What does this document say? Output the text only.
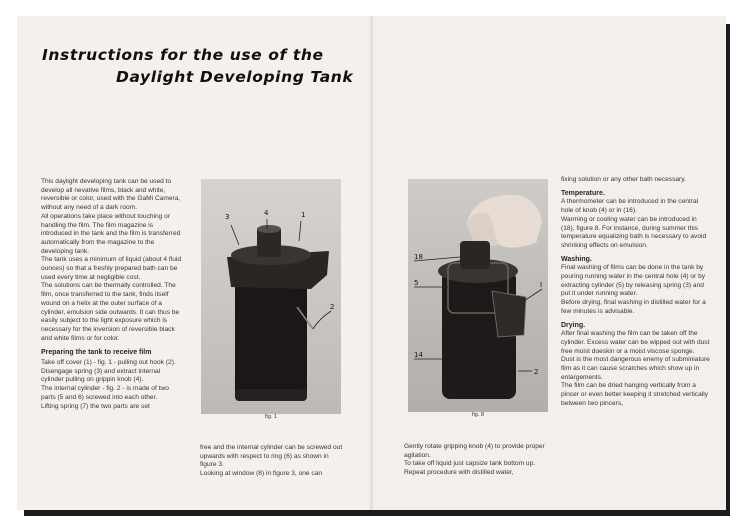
Instructions for the use of the
Daylight Developing Tank

This daylight developing tank can be used to develop all nevative films, black and white, reversible or color, used with the GaMi Camera, without any need of a dark room.

All operations take place without touching or handling the film. The film magazine is introduced in the tank and the film is transferred automatically from the magazine to the developing tank.

The tank uses a minimum of liquid (about 4 fluid ounces) so that a freshly prepared bath can be used every time at negligible cost.

The solutions can be thermally controlled. The film, once transferred to the tank, finds itself wound on a helix at the outer surface of a cylinder, emulsion side outwards. It can thus be easily subject to the light exposure which is necessary for the inversion of reversible black and white films or for color.

Preparing the tank to receive film

Take off cover (1) - fig. 1 - pulling out hook (2).

Disengage spring (3) and extract internal cylinder pulling on grippin knob (4).

The internal cylinder - fig. 2 - is made of two parts (5 and 6) screwed into each other.

Lifting spring (7) the two parts are set

3	4	1
2
fig. 1

free and the internal cylinder can be screwed out upwards with respect to ring (6) as shown in figure 3.

Looking at window (8) in figure 3, one can

18
5	I
14
2
fig. 8

Gently rotate gripping knob (4) to provide proper agitation.

To take off liquid just capsize tank bottom up. Repeat procedure with distilled water,

fixing solution or any other bath necessary.

Temperature.

A thermometer can be introduced in the central hole of knob (4) or in (16).

Warming or cooling water can be introduced in (18), figure 8. For instance, during summer this temperature equalizing bath is necessary to avoid shrinking effects on emulsion.

Washing.

Final washing of films can be done in the tank by pouring running water in the central hole (4) or by extracting cylinder (5) by releasing spring (3) and put it under running water.

Before drying, final washing in distilled water for a few minutes is advisable.

Drying.

After final washing the film can be taken off the cylinder. Excess water can be wipped out with dust free moist doeskin or a moist viscose sponge.

Dust is the most dangerous enemy of subminiature film as it can cause scratches which show up in enlargements.

The film can be dried hanging vertically from a pincer or even better keeping it stretched vertically between two pincers,
